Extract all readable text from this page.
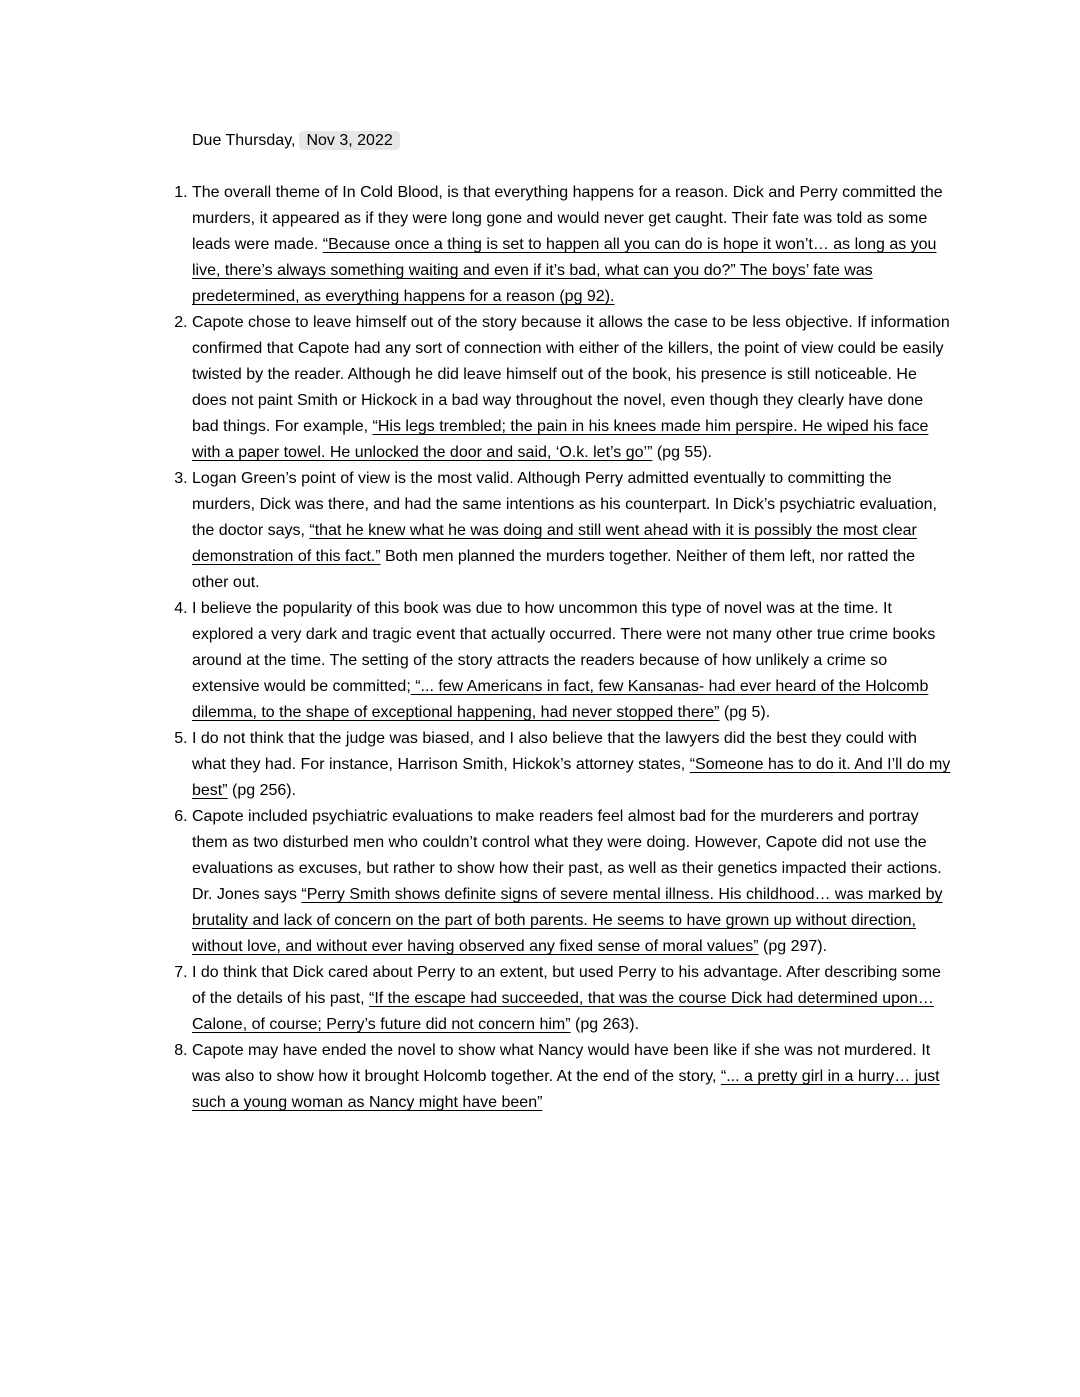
Due Thursday, Nov 3, 2022

1. The overall theme of In Cold Blood, is that everything happens for a reason. Dick and Perry committed the murders, it appeared as if they were long gone and would never get caught. Their fate was told as some leads were made. “Because once a thing is set to happen all you can do is hope it won’t… as long as you live, there’s always something waiting and even if it’s bad, what can you do?” The boys’ fate was predetermined, as everything happens for a reason (pg 92).
2. Capote chose to leave himself out of the story because it allows the case to be less objective. If information confirmed that Capote had any sort of connection with either of the killers, the point of view could be easily twisted by the reader. Although he did leave himself out of the book, his presence is still noticeable. He does not paint Smith or Hickock in a bad way throughout the novel, even though they clearly have done bad things. For example, “His legs trembled; the pain in his knees made him perspire. He wiped his face with a paper towel. He unlocked the door and said, ‘O.k. let’s go’” (pg 55).
3. Logan Green’s point of view is the most valid. Although Perry admitted eventually to committing the murders, Dick was there, and had the same intentions as his counterpart. In Dick’s psychiatric evaluation, the doctor says, “that he knew what he was doing and still went ahead with it is possibly the most clear demonstration of this fact.” Both men planned the murders together. Neither of them left, nor ratted the other out.
4. I believe the popularity of this book was due to how uncommon this type of novel was at the time. It explored a very dark and tragic event that actually occurred. There were not many other true crime books around at the time. The setting of the story attracts the readers because of how unlikely a crime so extensive would be committed; “... few Americans in fact, few Kansanas- had ever heard of the Holcomb dilemma, to the shape of exceptional happening, had never stopped there” (pg 5).
5. I do not think that the judge was biased, and I also believe that the lawyers did the best they could with what they had. For instance, Harrison Smith, Hickok’s attorney states, “Someone has to do it. And I’ll do my best” (pg 256).
6. Capote included psychiatric evaluations to make readers feel almost bad for the murderers and portray them as two disturbed men who couldn’t control what they were doing. However, Capote did not use the evaluations as excuses, but rather to show how their past, as well as their genetics impacted their actions. Dr. Jones says “Perry Smith shows definite signs of severe mental illness. His childhood… was marked by brutality and lack of concern on the part of both parents. He seems to have grown up without direction, without love, and without ever having observed any fixed sense of moral values” (pg 297).
7. I do think that Dick cared about Perry to an extent, but used Perry to his advantage. After describing some of the details of his past, “If the escape had succeeded, that was the course Dick had determined upon… Calone, of course; Perry’s future did not concern him” (pg 263).
8. Capote may have ended the novel to show what Nancy would have been like if she was not murdered. It was also to show how it brought Holcomb together. At the end of the story, “... a pretty girl in a hurry… just such a young woman as Nancy might have been”
